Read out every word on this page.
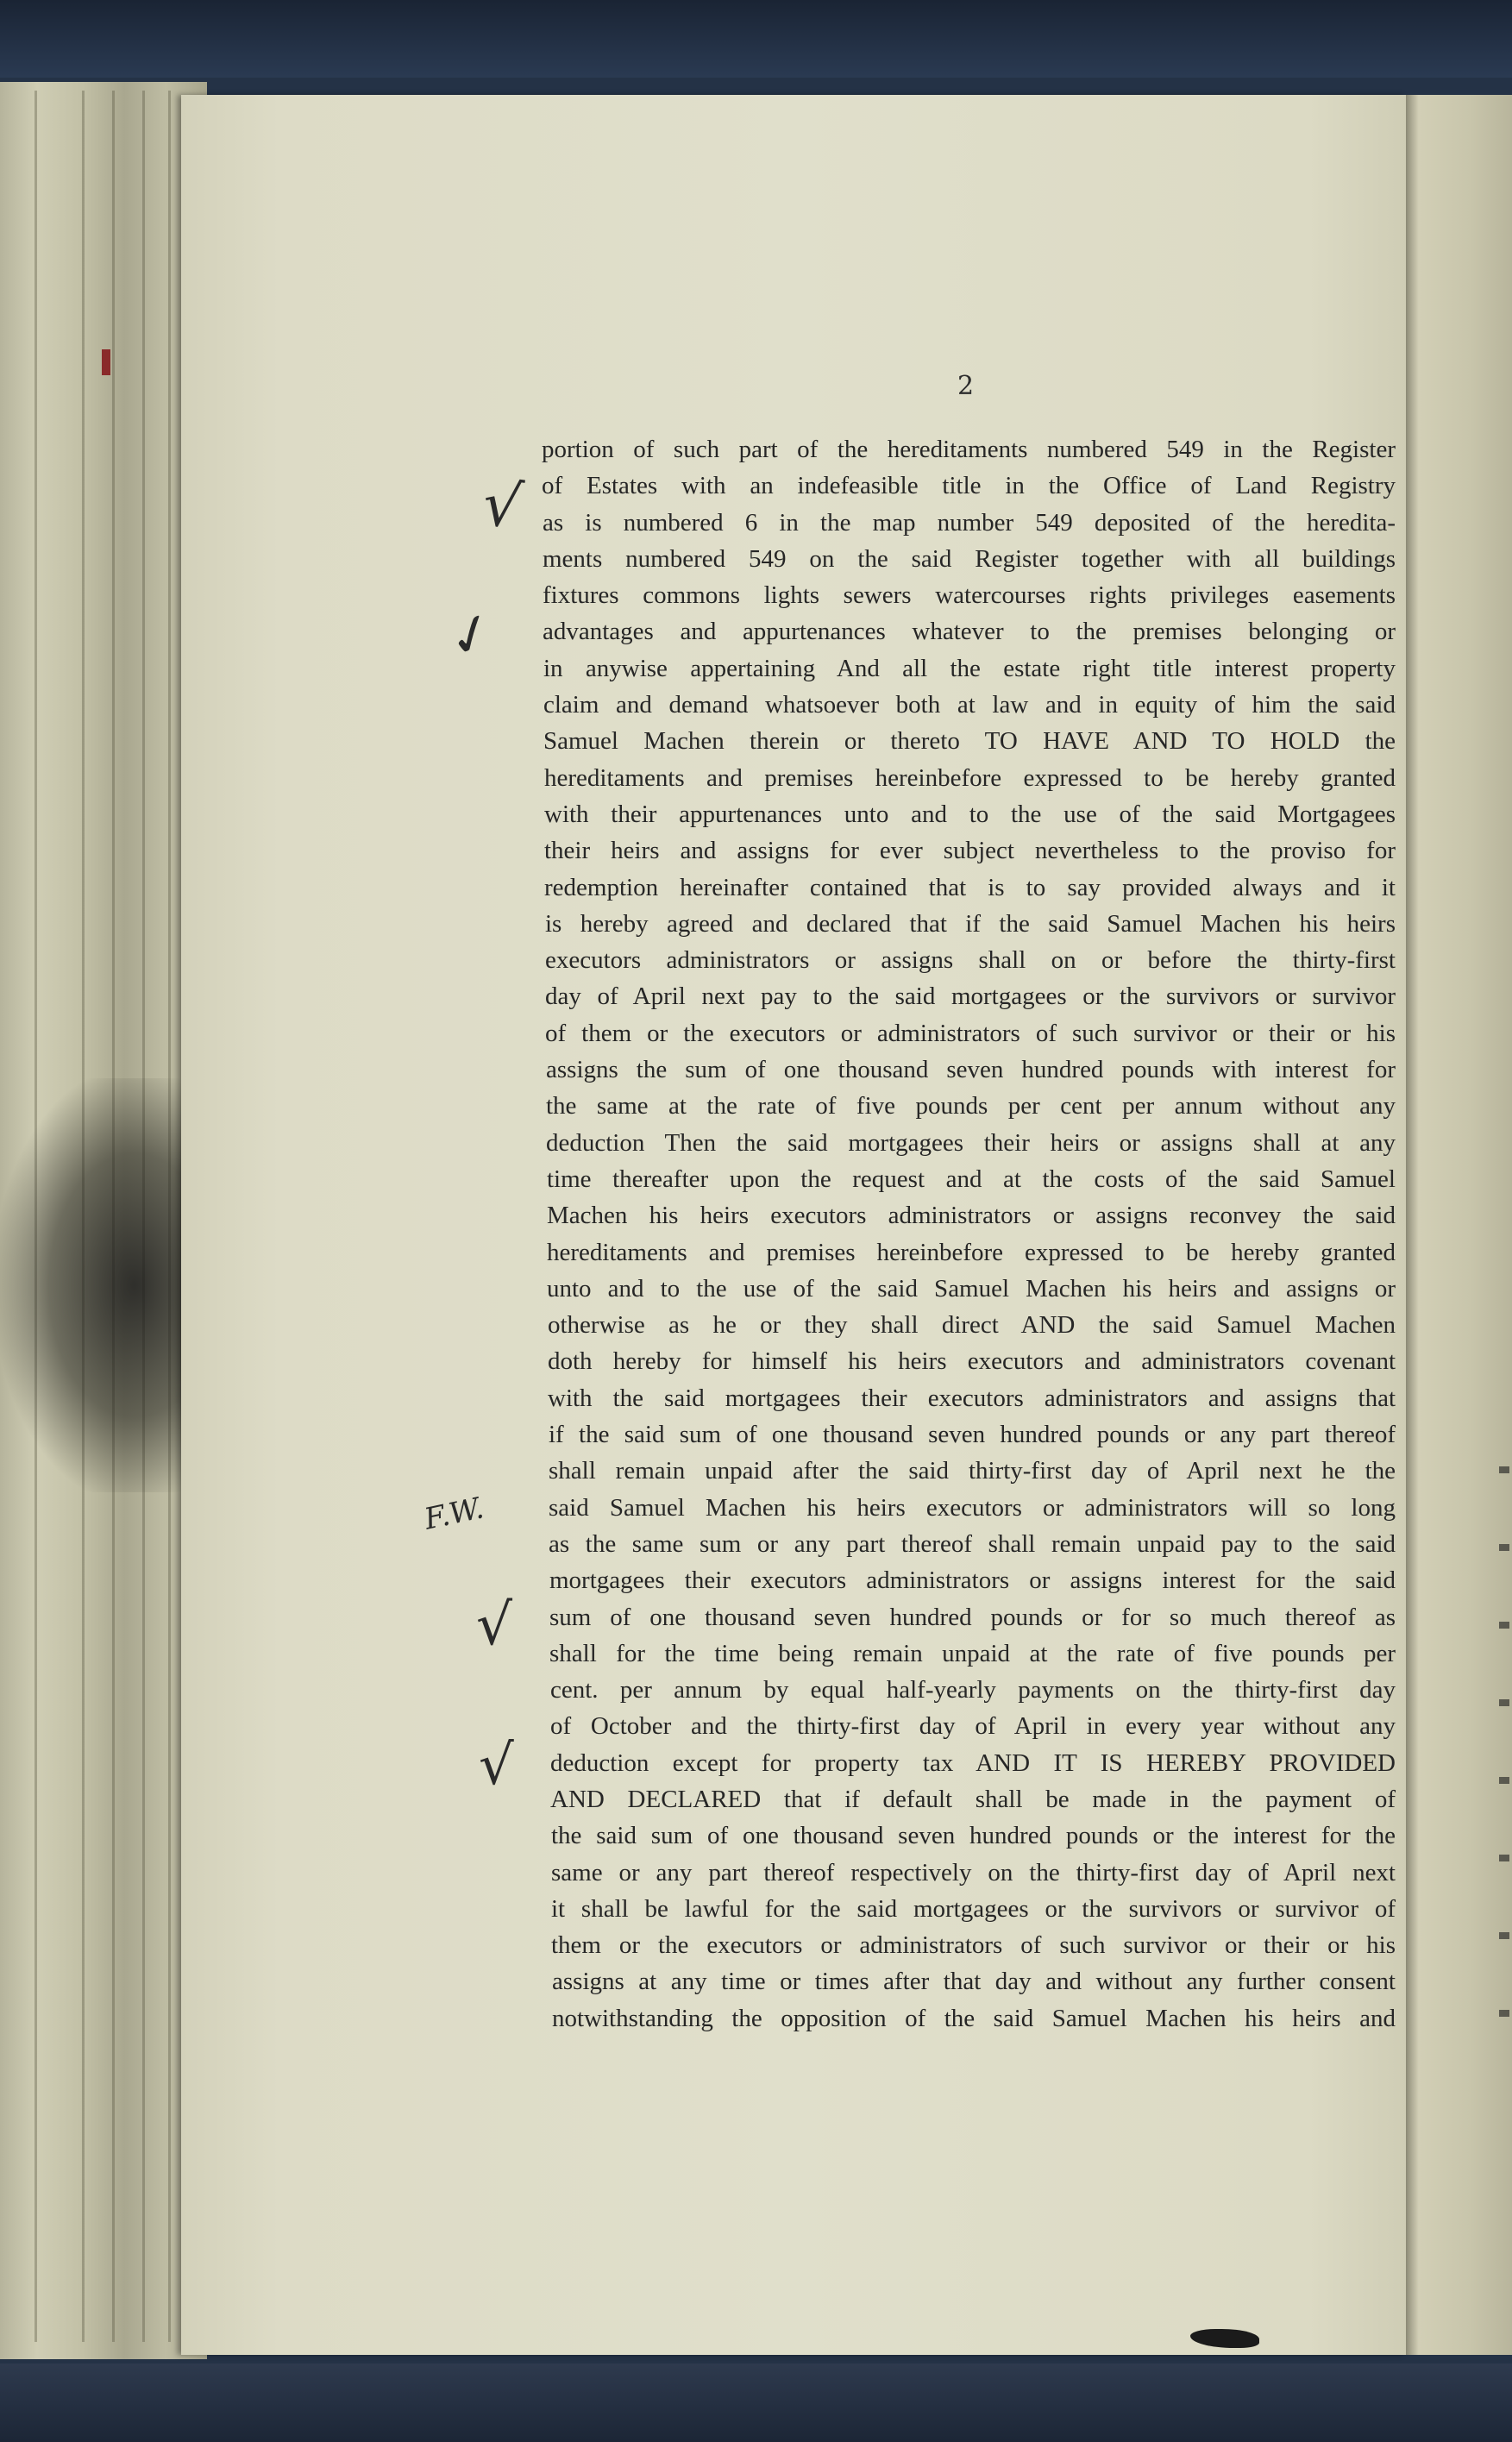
2
√
✓
F.W.
√
√
portion of such part of the hereditaments numbered 549 in the Register
of Estates with an indefeasible title in the Office of Land Registry
as is numbered 6 in the map number 549 deposited of the heredita-
ments numbered 549 on the said Register together with all buildings
fixtures commons lights sewers watercourses rights privileges easements
advantages and appurtenances whatever to the premises belonging or
in anywise appertaining And all the estate right title interest property
claim and demand whatsoever both at law and in equity of him the said
Samuel Machen therein or thereto TO HAVE AND TO HOLD the
hereditaments and premises hereinbefore expressed to be hereby granted
with their appurtenances unto and to the use of the said Mortgagees
their heirs and assigns for ever subject nevertheless to the proviso for
redemption hereinafter contained that is to say provided always and it
is hereby agreed and declared that if the said Samuel Machen his heirs
executors administrators or assigns shall on or before the thirty-first
day of April next pay to the said mortgagees or the survivors or survivor
of them or the executors or administrators of such survivor or their or his
assigns the sum of one thousand seven hundred pounds with interest for
the same at the rate of five pounds per cent per annum without any
deduction Then the said mortgagees their heirs or assigns shall at any
time thereafter upon the request and at the costs of the said Samuel
Machen his heirs executors administrators or assigns reconvey the said
hereditaments and premises hereinbefore expressed to be hereby granted
unto and to the use of the said Samuel Machen his heirs and assigns or
otherwise as he or they shall direct AND the said Samuel Machen
doth hereby for himself his heirs executors and administrators covenant
with the said mortgagees their executors administrators and assigns that
if the said sum of one thousand seven hundred pounds or any part thereof
shall remain unpaid after the said thirty-first day of April next he the
said Samuel Machen his heirs executors or administrators will so long
as the same sum or any part thereof shall remain unpaid pay to the said
mortgagees their executors administrators or assigns interest for the said
sum of one thousand seven hundred pounds or for so much thereof as
shall for the time being remain unpaid at the rate of five pounds per
cent. per annum by equal half-yearly payments on the thirty-first day
of October and the thirty-first day of April in every year without any
deduction except for property tax AND IT IS HEREBY PROVIDED
AND DECLARED that if default shall be made in the payment of
the said sum of one thousand seven hundred pounds or the interest for the
same or any part thereof respectively on the thirty-first day of April next
it shall be lawful for the said mortgagees or the survivors or survivor of
them or the executors or administrators of such survivor or their or his
assigns at any time or times after that day and without any further consent
notwithstanding the opposition of the said Samuel Machen his heirs and
